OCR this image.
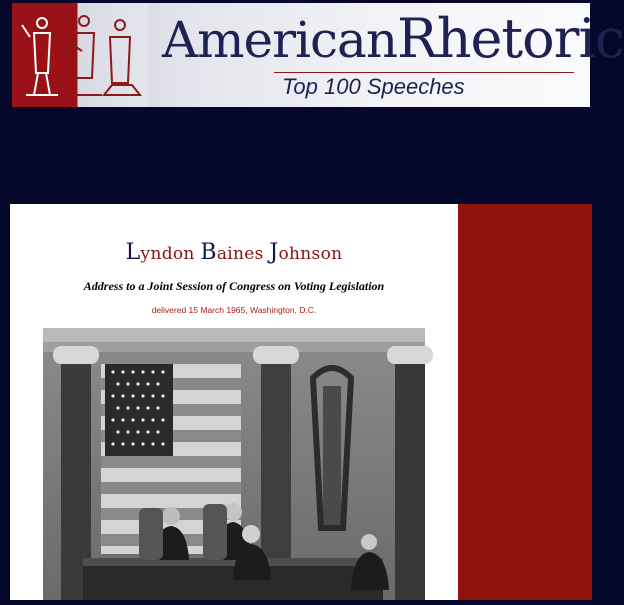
AmericanRhetoric
Top 100 Speeches
Lyndon Baines Johnson
Address to a Joint Session of Congress on Voting Legislation
delivered 15 March 1965, Washington, D.C.
